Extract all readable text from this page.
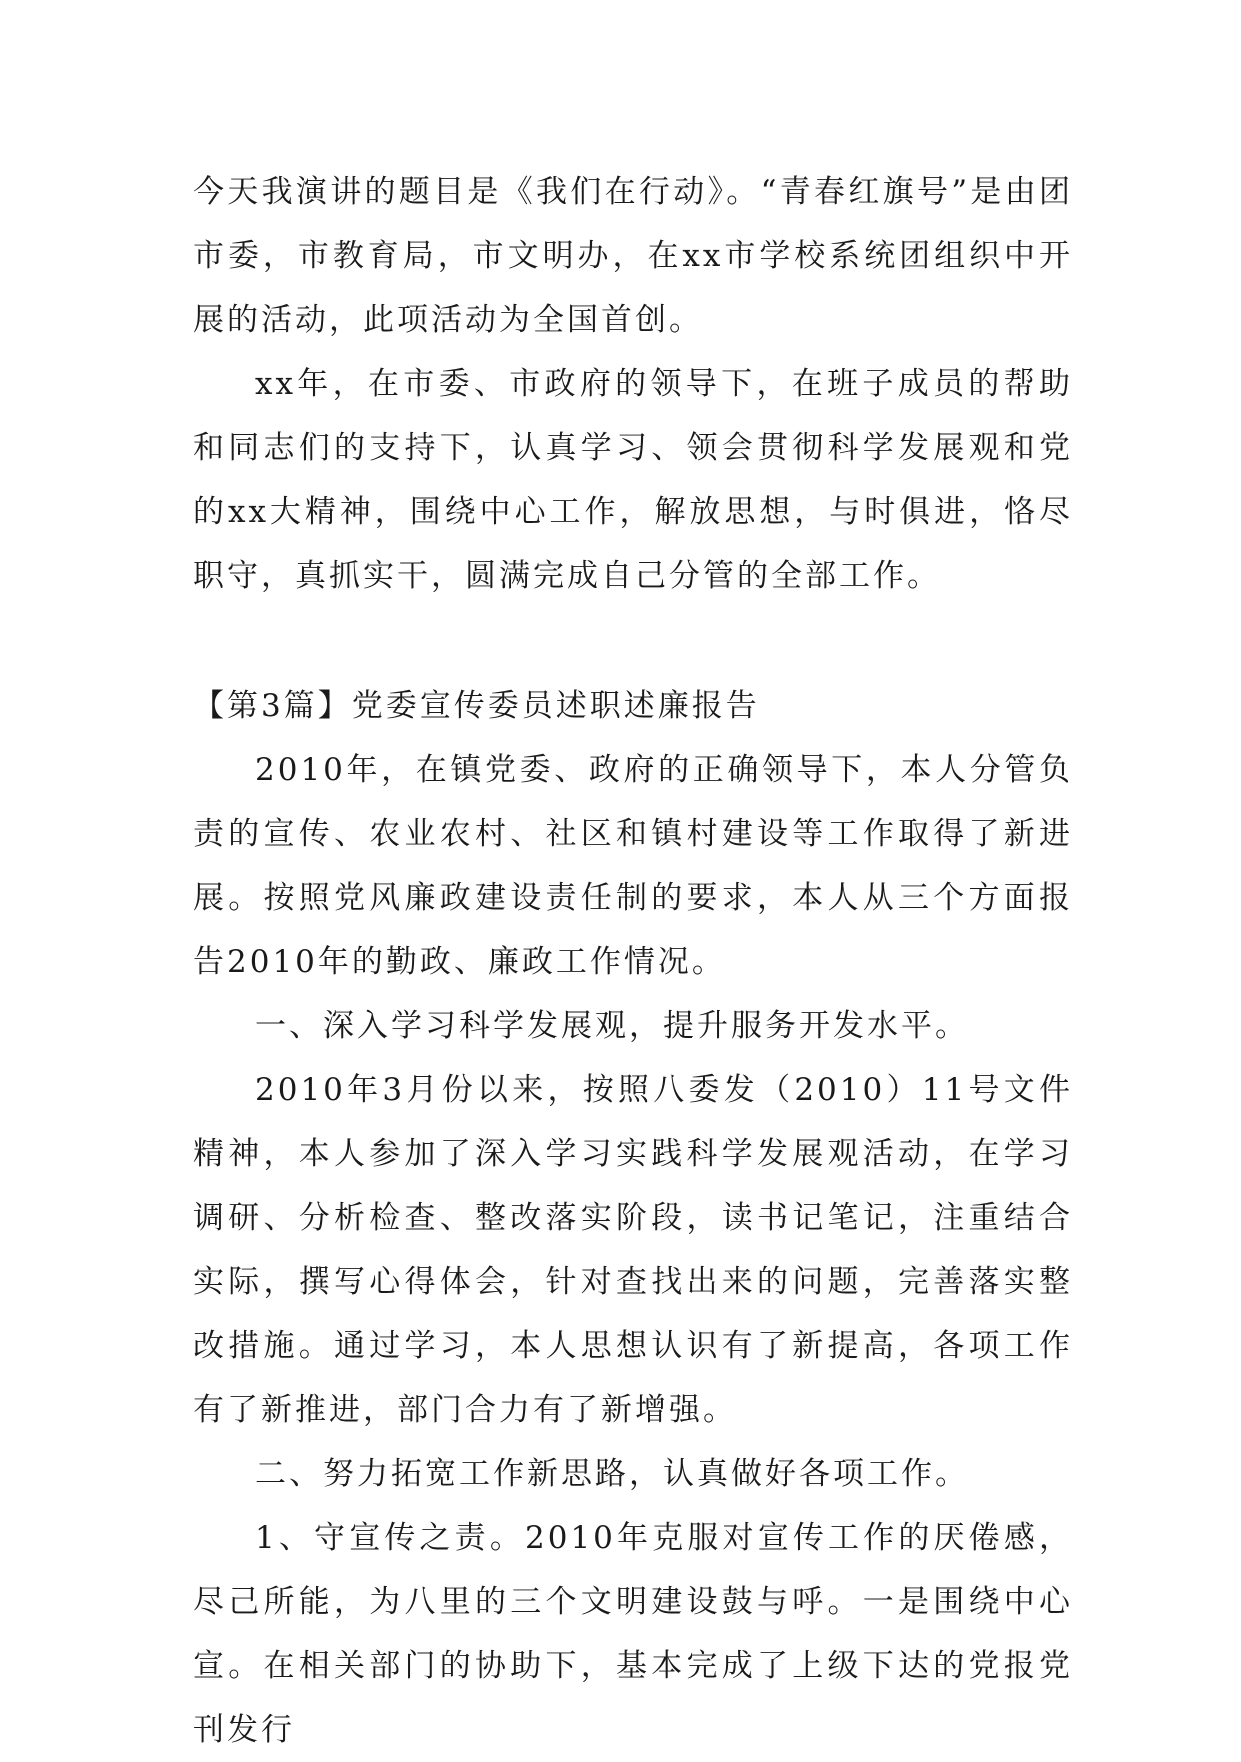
今天我演讲的题目是《我们在行动》。“青春红旗号”是由团市委，市教育局，市文明办，在xx市学校系统团组织中开展的活动，此项活动为全国首创。

xx年，在市委、市政府的领导下，在班子成员的帮助和同志们的支持下，认真学习、领会贯彻科学发展观和党的xx大精神，围绕中心工作，解放思想，与时俱进，恪尽职守，真抓实干，圆满完成自己分管的全部工作。

【第3篇】党委宣传委员述职述廉报告

2010年，在镇党委、政府的正确领导下，本人分管负责的宣传、农业农村、社区和镇村建设等工作取得了新进展。按照党风廉政建设责任制的要求，本人从三个方面报告2010年的勤政、廉政工作情况。

一、深入学习科学发展观，提升服务开发水平。

2010年3月份以来，按照八委发（2010）11号文件精神，本人参加了深入学习实践科学发展观活动，在学习调研、分析检查、整改落实阶段，读书记笔记，注重结合实际，撰写心得体会，针对查找出来的问题，完善落实整改措施。通过学习，本人思想认识有了新提高，各项工作有了新推进，部门合力有了新增强。

二、努力拓宽工作新思路，认真做好各项工作。

1、守宣传之责。2010年克服对宣传工作的厌倦感，尽己所能，为八里的三个文明建设鼓与呼。一是围绕中心宣。在相关部门的协助下，基本完成了上级下达的党报党刊发行
